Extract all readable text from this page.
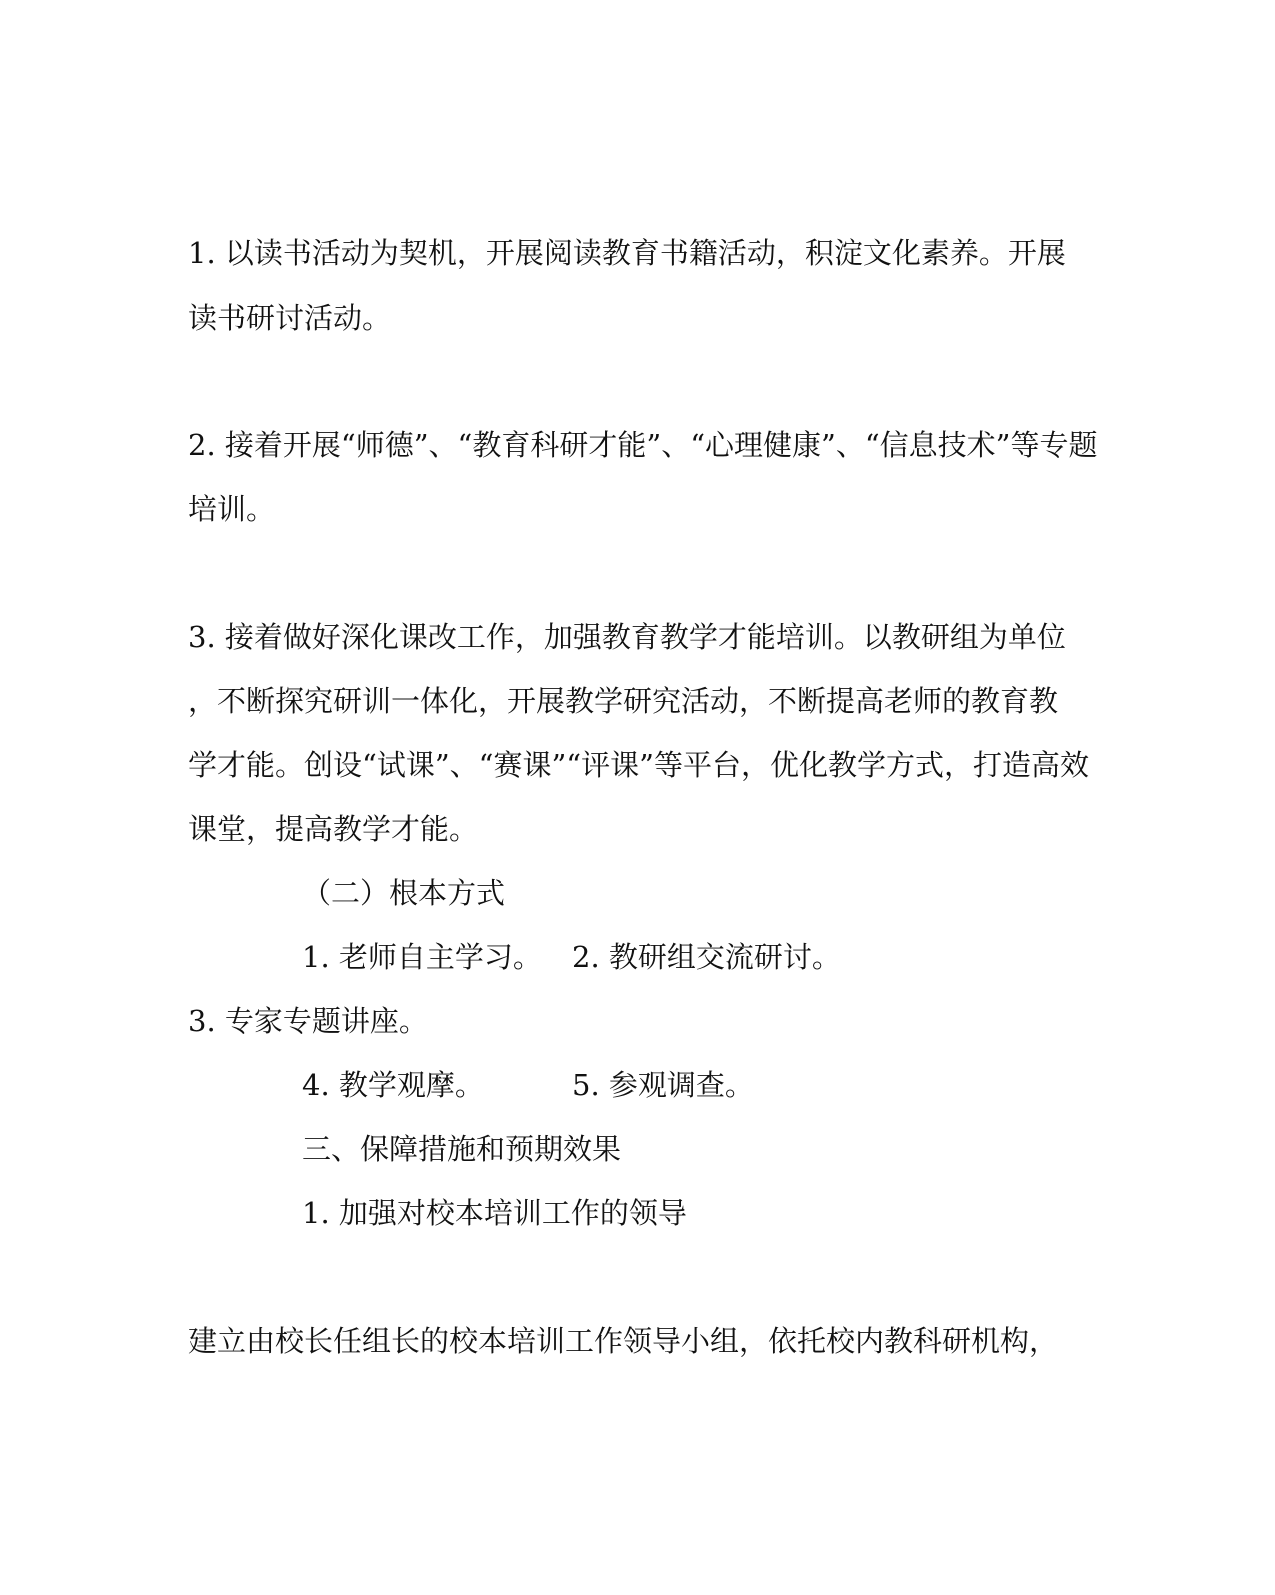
1. 以读书活动为契机，开展阅读教育书籍活动，积淀文化素养。开展
读书研讨活动。
2. 接着开展“师德”、“教育科研才能”、“心理健康”、“信息技术”等专题
培训。
3. 接着做好深化课改工作，加强教育教学才能培训。以教研组为单位
，不断探究研训一体化，开展教学研究活动，不断提高老师的教育教
学才能。创设“试课”、“赛课”“评课”等平台，优化教学方式，打造高效
课堂，提高教学才能。
（二）根本方式
1. 老师自主学习。 2. 教研组交流研讨。
3. 专家专题讲座。
4. 教学观摩。	5. 参观调查。
三、保障措施和预期效果
1. 加强对校本培训工作的领导
建立由校长任组长的校本培训工作领导小组，依托校内教科研机构，
